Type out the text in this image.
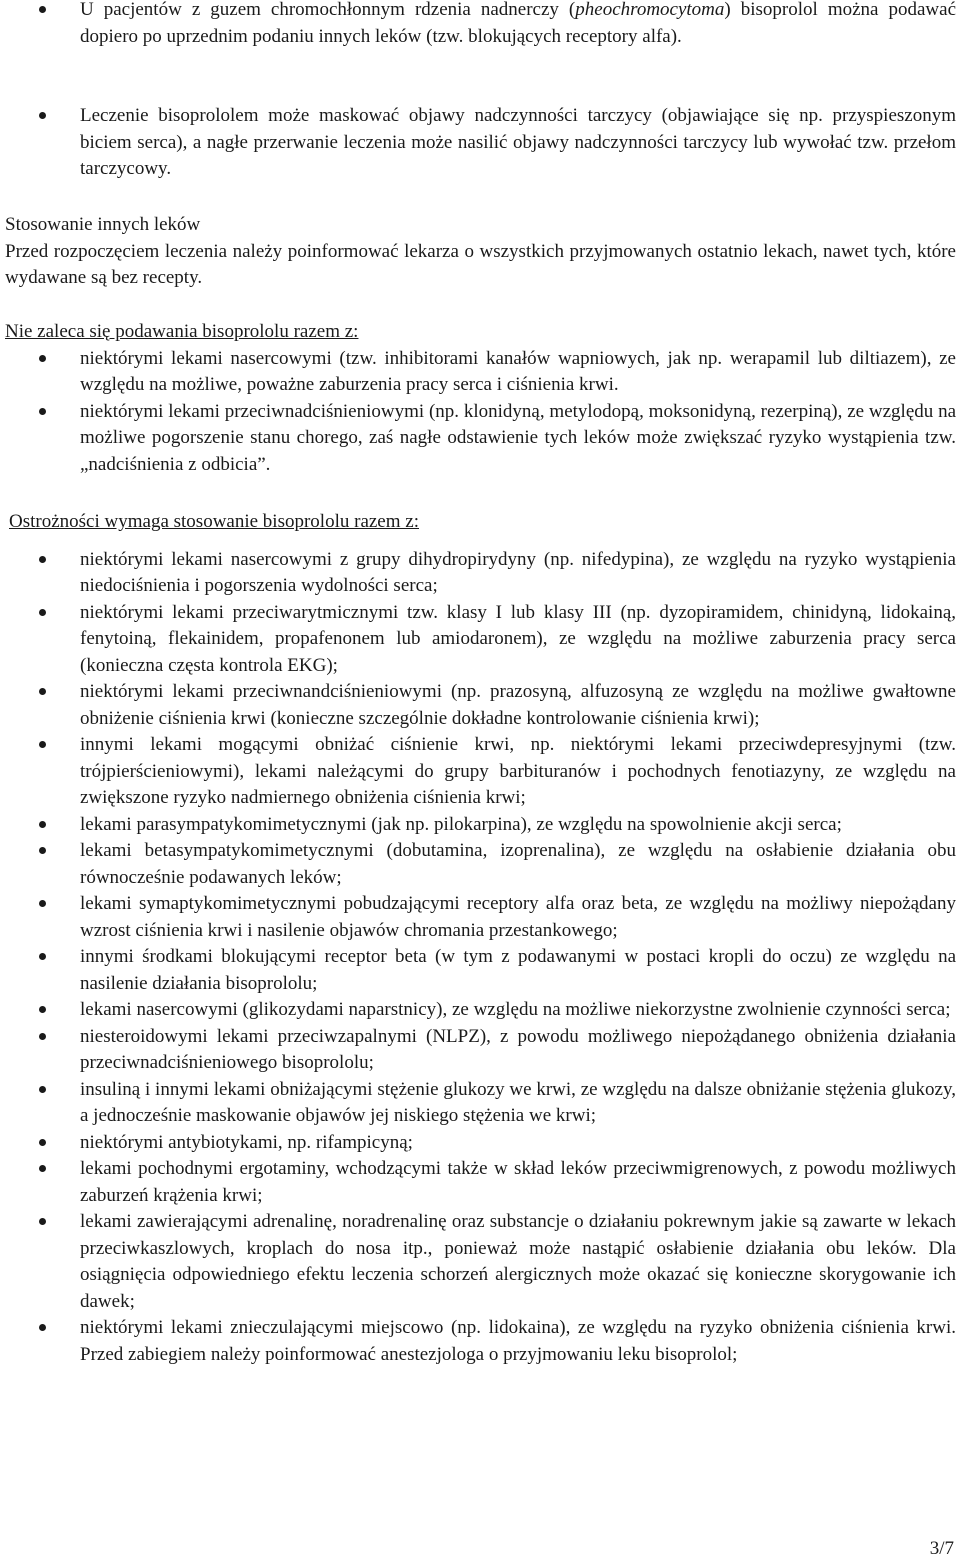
U pacjentów z guzem chromochłonnym rdzenia nadnerczy (pheochromocytoma) bisoprolol można podawać dopiero po uprzednim podaniu innych leków (tzw. blokujących receptory alfa).
Leczenie bisoprololem może maskować objawy nadczynności tarczycy (objawiające się np. przyspieszonym biciem serca), a nagłe przerwanie leczenia może nasilić objawy nadczynności tarczycy lub wywołać tzw. przełom tarczycowy.

Stosowanie innych leków

Przed rozpoczęciem leczenia należy poinformować lekarza o wszystkich przyjmowanych ostatnio lekach, nawet tych, które wydawane są bez recepty.

Nie zaleca się podawania bisoprololu razem z:

niektórymi lekami nasercowymi (tzw. inhibitorami kanałów wapniowych, jak np. werapamil lub diltiazem), ze względu na możliwe, poważne zaburzenia pracy serca i ciśnienia krwi.
niektórymi lekami przeciwnadciśnieniowymi (np. klonidyną, metylodopą, moksonidyną, rezerpiną), ze względu na możliwe pogorszenie stanu chorego, zaś nagłe odstawienie tych leków może zwiększać ryzyko wystąpienia tzw. „nadciśnienia z odbicia”.

Ostrożności wymaga stosowanie bisoprololu razem z:

niektórymi lekami nasercowymi z grupy dihydropirydyny (np. nifedypina), ze względu na ryzyko wystąpienia niedociśnienia i pogorszenia wydolności serca;
niektórymi lekami przeciwarytmicznymi tzw. klasy I lub klasy III (np. dyzopiramidem, chinidyną, lidokainą, fenytoiną, flekainidem, propafenonem lub amiodaronem), ze względu na możliwe zaburzenia pracy serca (konieczna częsta kontrola EKG);
niektórymi lekami przeciwnandciśnieniowymi (np. prazosyną, alfuzosyną ze względu na możliwe gwałtowne obniżenie ciśnienia krwi (konieczne szczególnie dokładne kontrolowanie ciśnienia krwi);
innymi lekami mogącymi obniżać ciśnienie krwi, np. niektórymi lekami przeciwdepresyjnymi (tzw. trójpierścieniowymi), lekami należącymi do grupy barbituranów i pochodnych fenotiazyny, ze względu na zwiększone ryzyko nadmiernego obniżenia ciśnienia krwi;
lekami parasympatykomimetycznymi (jak np. pilokarpina), ze względu na spowolnienie akcji serca;
lekami betasympatykomimetycznymi (dobutamina, izoprenalina), ze względu na osłabienie działania obu równocześnie podawanych leków;
lekami symaptykomimetycznymi pobudzającymi receptory alfa oraz beta, ze względu na możliwy niepożądany wzrost ciśnienia krwi i nasilenie objawów chromania przestankowego;
innymi środkami blokującymi receptor beta (w tym z podawanymi w postaci kropli do oczu) ze względu na nasilenie działania bisoprololu;
lekami nasercowymi (glikozydami naparstnicy), ze względu na możliwe niekorzystne zwolnienie czynności serca;
niesteroidowymi lekami przeciwzapalnymi (NLPZ), z powodu możliwego niepożądanego obniżenia działania przeciwnadciśnieniowego bisoprololu;
insuliną i innymi lekami obniżającymi stężenie glukozy we krwi, ze względu na dalsze obniżanie stężenia glukozy, a jednocześnie maskowanie objawów jej niskiego stężenia we krwi;
niektórymi antybiotykami, np. rifampicyną;
lekami pochodnymi ergotaminy, wchodzącymi także w skład leków przeciwmigrenowych, z powodu możliwych zaburzeń krążenia krwi;
lekami zawierającymi adrenalinę, noradrenalinę oraz substancje o działaniu pokrewnym jakie są zawarte w lekach przeciwkaszlowych, kroplach do nosa itp., ponieważ może nastąpić osłabienie działania obu leków. Dla osiągnięcia odpowiedniego efektu leczenia schorzeń alergicznych może okazać się konieczne skorygowanie ich dawek;
niektórymi lekami znieczulającymi miejscowo (np. lidokaina), ze względu na ryzyko obniżenia ciśnienia krwi. Przed zabiegiem należy poinformować anestezjologa o przyjmowaniu leku bisoprolol;
3/7
